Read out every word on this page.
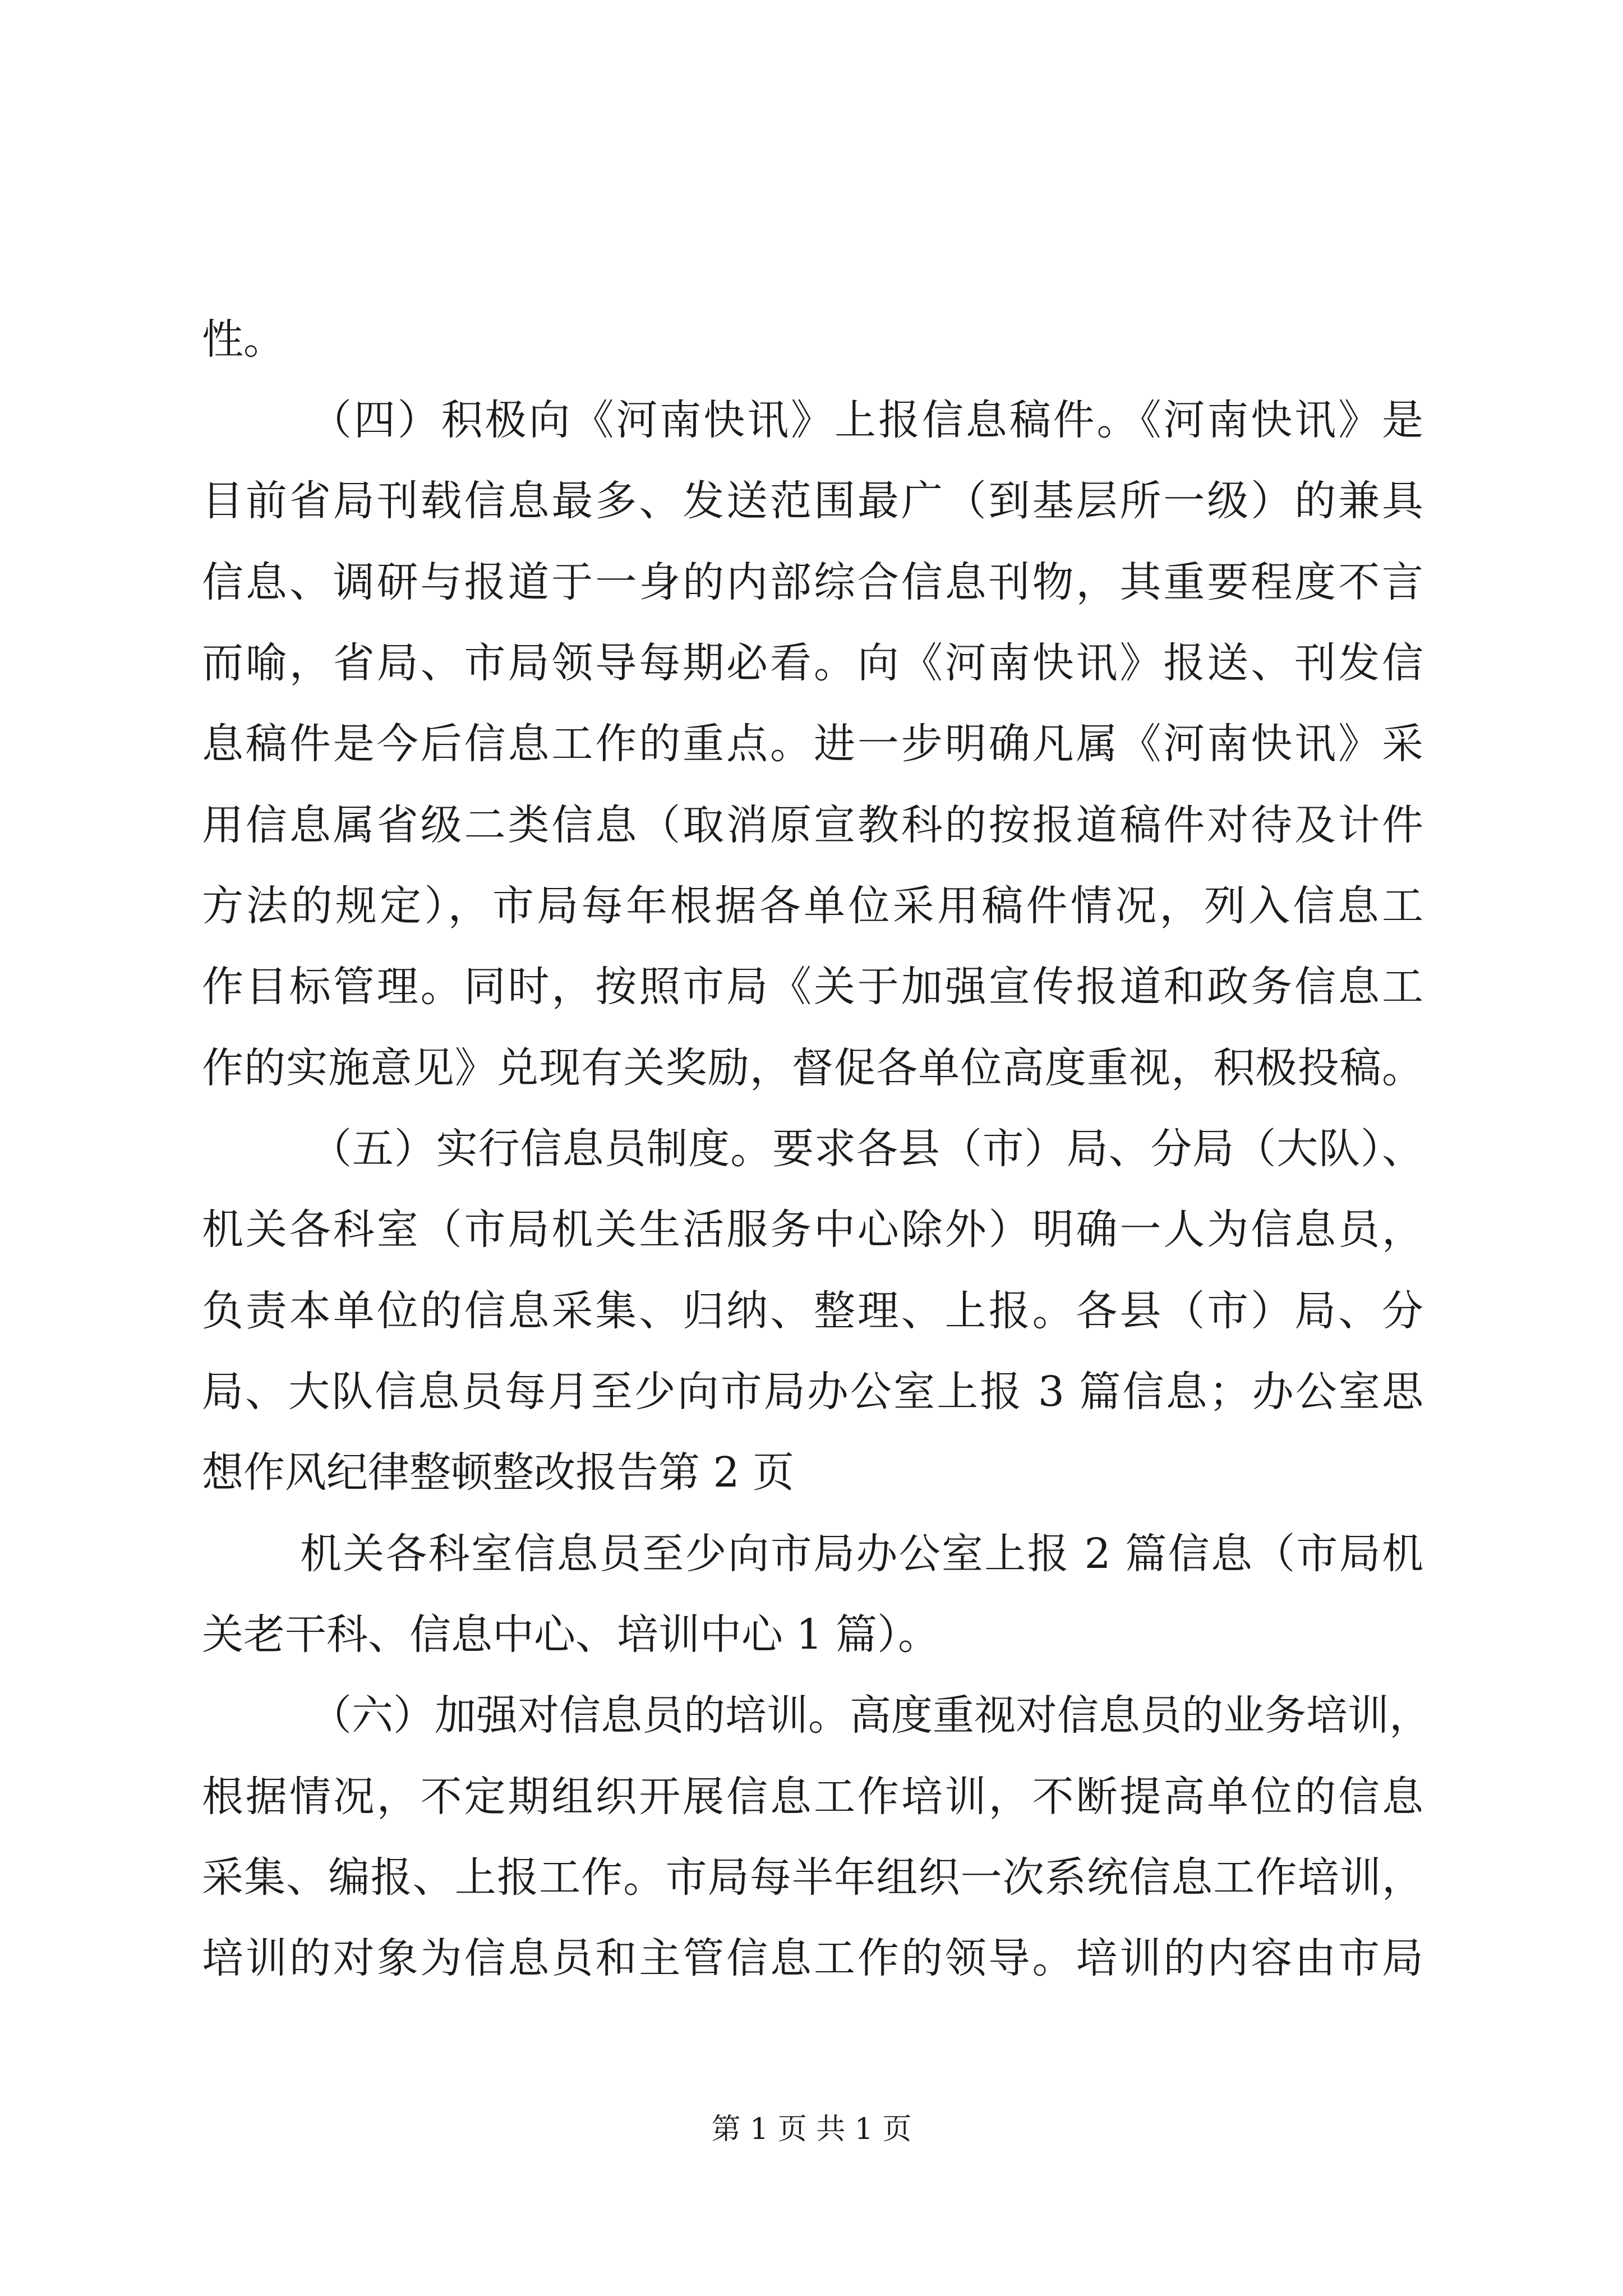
性。
（四）积极向《河南快讯》上报信息稿件。《河南快讯》是
目前省局刊载信息最多、发送范围最广（到基层所一级）的兼具
信息、调研与报道于一身的内部综合信息刊物，其重要程度不言
而喻，省局、市局领导每期必看。向《河南快讯》报送、刊发信
息稿件是今后信息工作的重点。进一步明确凡属《河南快讯》采
用信息属省级二类信息（取消原宣教科的按报道稿件对待及计件
方法的规定），市局每年根据各单位采用稿件情况，列入信息工
作目标管理。同时，按照市局《关于加强宣传报道和政务信息工
作的实施意见》兑现有关奖励，督促各单位高度重视，积极投稿。
（五）实行信息员制度。要求各县（市）局、分局（大队）、
机关各科室（市局机关生活服务中心除外）明确一人为信息员，
负责本单位的信息采集、归纳、整理、上报。各县（市）局、分
局、大队信息员每月至少向市局办公室上报 3 篇信息；办公室思
想作风纪律整顿整改报告第 2 页
机关各科室信息员至少向市局办公室上报 2 篇信息（市局机
关老干科、信息中心、培训中心 1 篇）。
（六）加强对信息员的培训。高度重视对信息员的业务培训，
根据情况，不定期组织开展信息工作培训，不断提高单位的信息
采集、编报、上报工作。市局每半年组织一次系统信息工作培训，
培训的对象为信息员和主管信息工作的领导。培训的内容由市局
第 1 页 共 1 页
